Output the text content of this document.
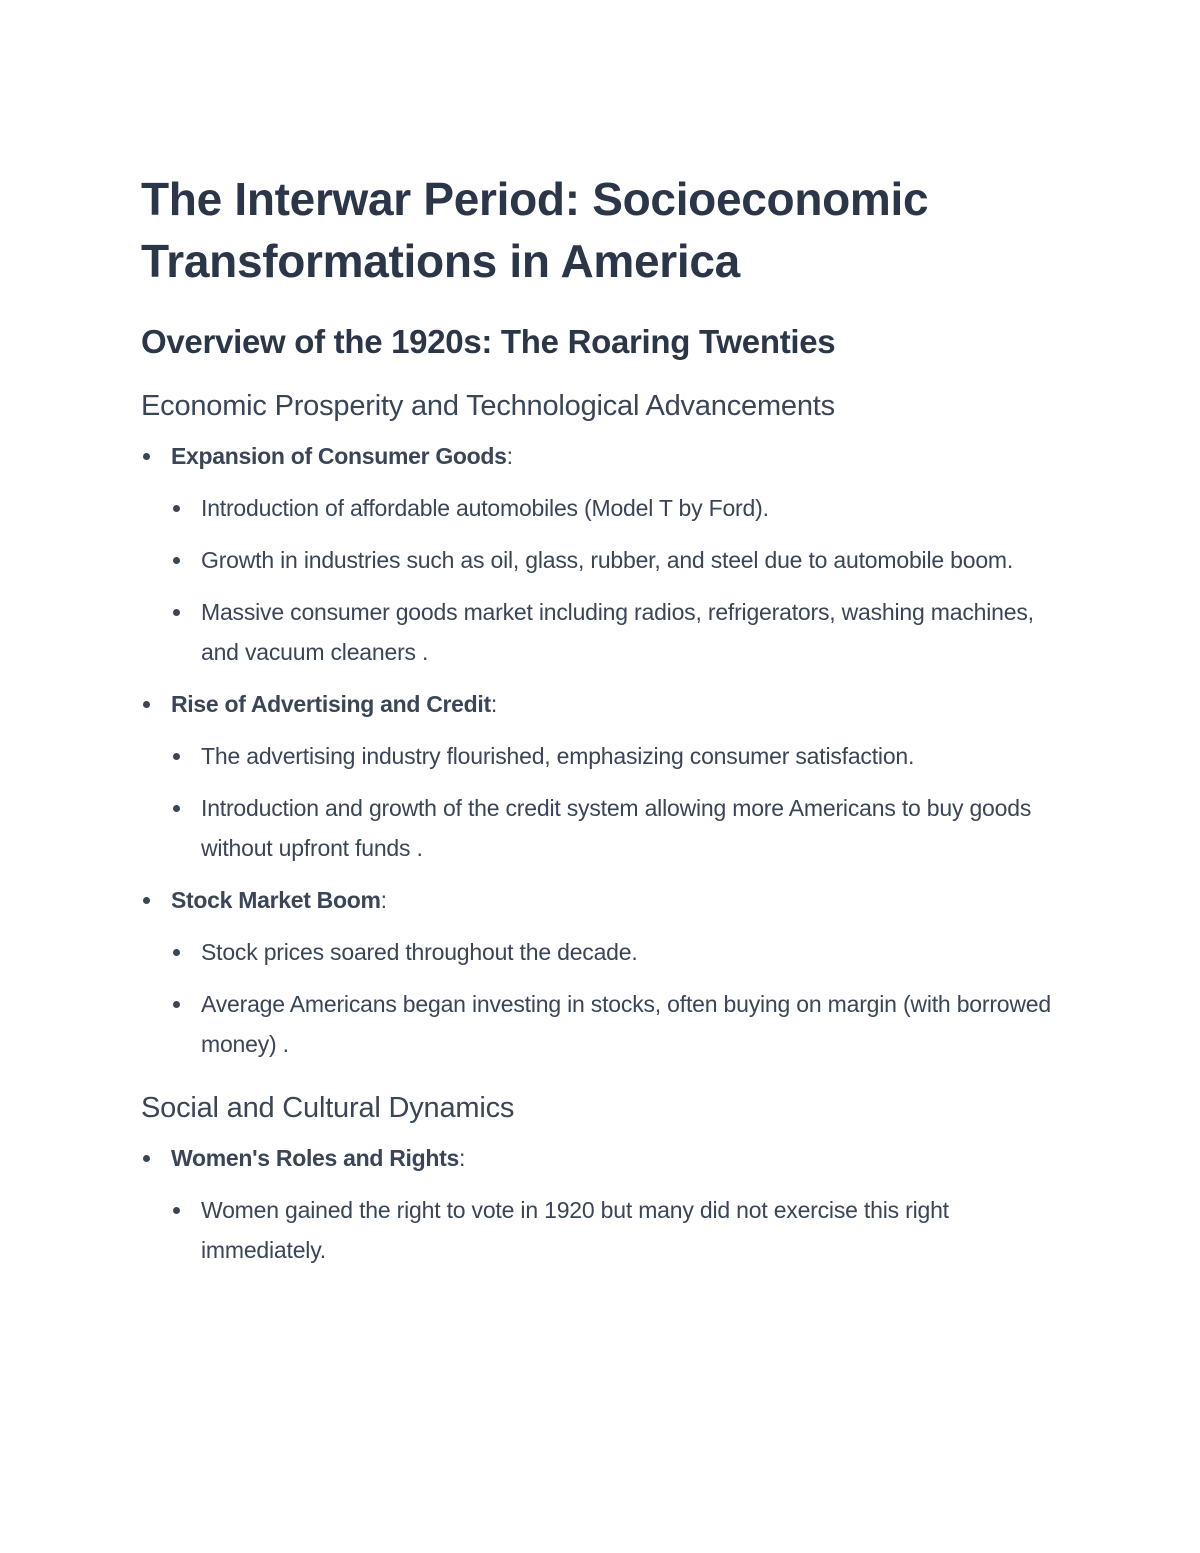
The Interwar Period: Socioeconomic Transformations in America
Overview of the 1920s: The Roaring Twenties
Economic Prosperity and Technological Advancements
Expansion of Consumer Goods:
Introduction of affordable automobiles (Model T by Ford).
Growth in industries such as oil, glass, rubber, and steel due to automobile boom.
Massive consumer goods market including radios, refrigerators, washing machines, and vacuum cleaners .
Rise of Advertising and Credit:
The advertising industry flourished, emphasizing consumer satisfaction.
Introduction and growth of the credit system allowing more Americans to buy goods without upfront funds .
Stock Market Boom:
Stock prices soared throughout the decade.
Average Americans began investing in stocks, often buying on margin (with borrowed money) .
Social and Cultural Dynamics
Women's Roles and Rights:
Women gained the right to vote in 1920 but many did not exercise this right immediately.
